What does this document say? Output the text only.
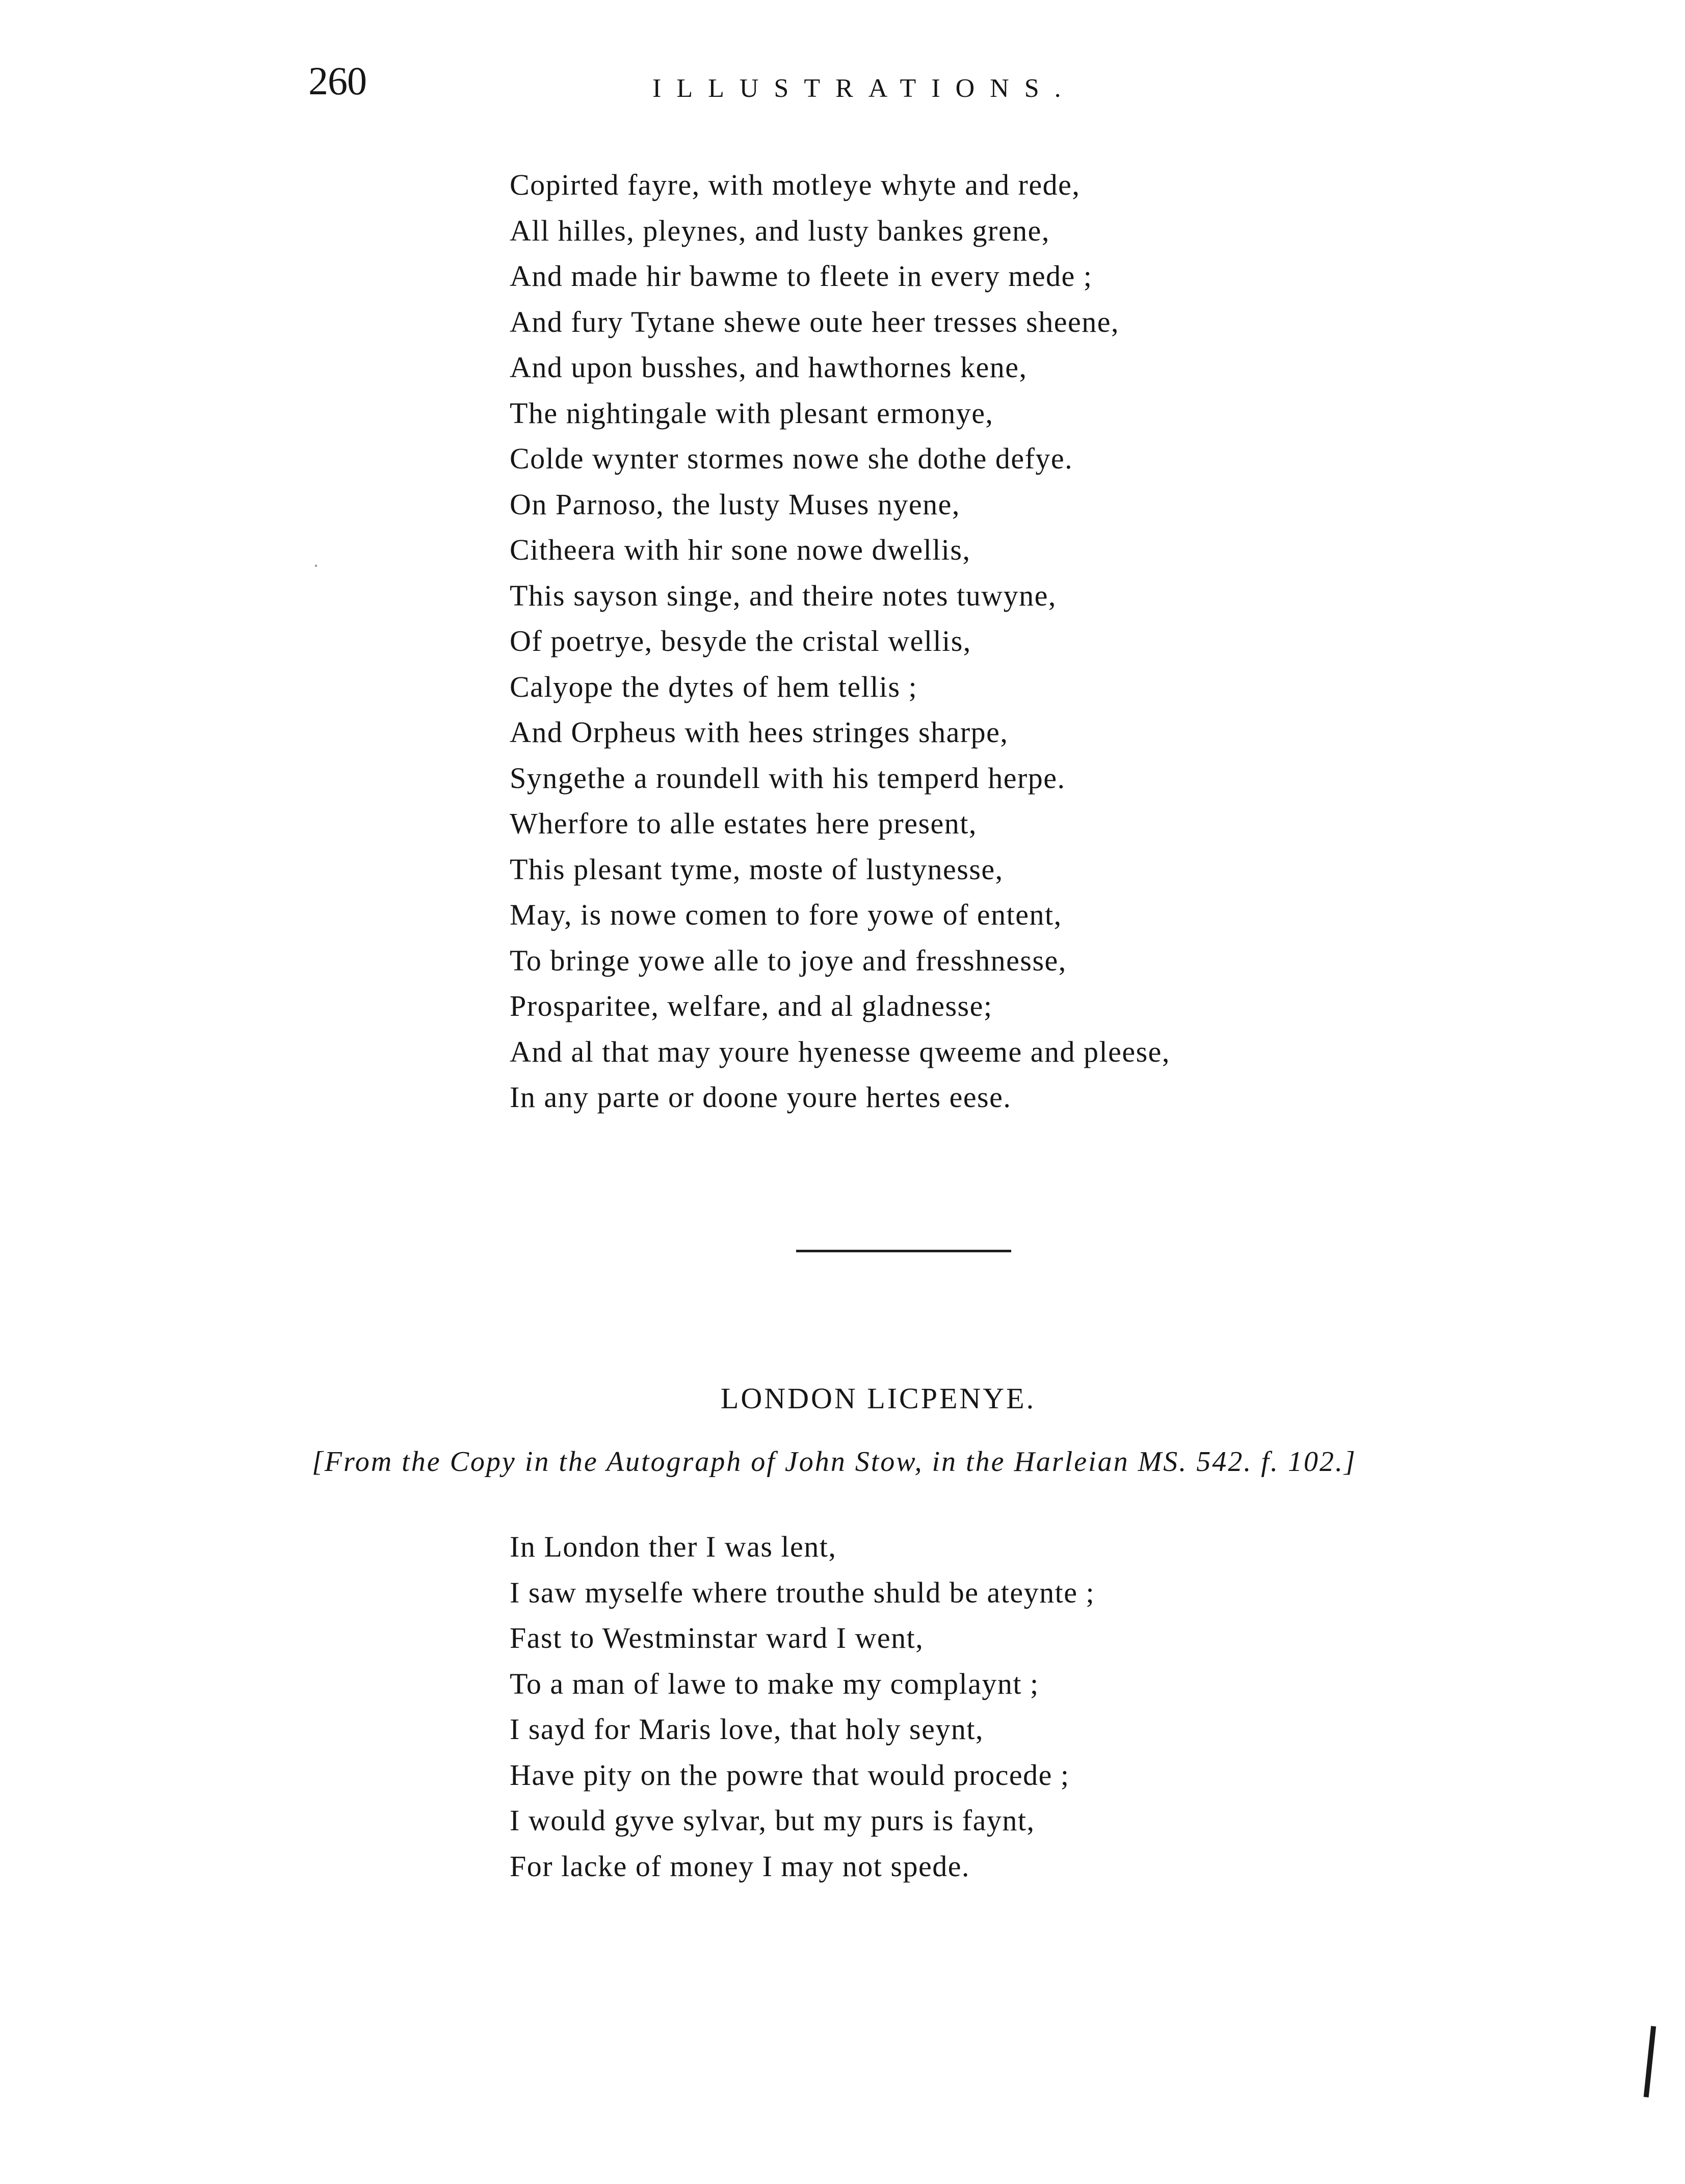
260	ILLUSTRATIONS.
Copirted fayre, with motleye whyte and rede,
All hilles, pleynes, and lusty bankes grene,
And made hir bawme to fleete in every mede ;
And fury Tytane shewe oute heer tresses sheene,
And upon busshes, and hawthornes kene,
The nightingale with plesant ermonye,
Colde wynter stormes nowe she dothe defye.
On Parnoso, the lusty Muses nyene,
Citheera with hir sone nowe dwellis,
This sayson singe, and theire notes tuwyne,
Of poetrye, besyde the cristal wellis,
Calyope the dytes of hem tellis ;
And Orpheus with hees stringes sharpe,
Syngethe a roundell with his temperd herpe.
Wherfore to alle estates here present,
This plesant tyme, moste of lustynesse,
May, is nowe comen to fore yowe of entent,
To bringe yowe alle to joye and fresshnesse,
Prosparitee, welfare, and al gladnesse;
And al that may youre hyenesse qweeme and pleese,
In any parte or doone youre hertes eese.
LONDON LICPENYE.
[From the Copy in the Autograph of John Stow, in the Harleian MS. 542. f. 102.]
In London ther I was lent,
I saw myselfe where trouthe shuld be ateynte ;
Fast to Westminstar ward I went,
To a man of lawe to make my complaynt ;
I sayd for Maris love, that holy seynt,
Have pity on the powre that would procede ;
I would gyve sylvar, but my purs is faynt,
For lacke of money I may not spede.
